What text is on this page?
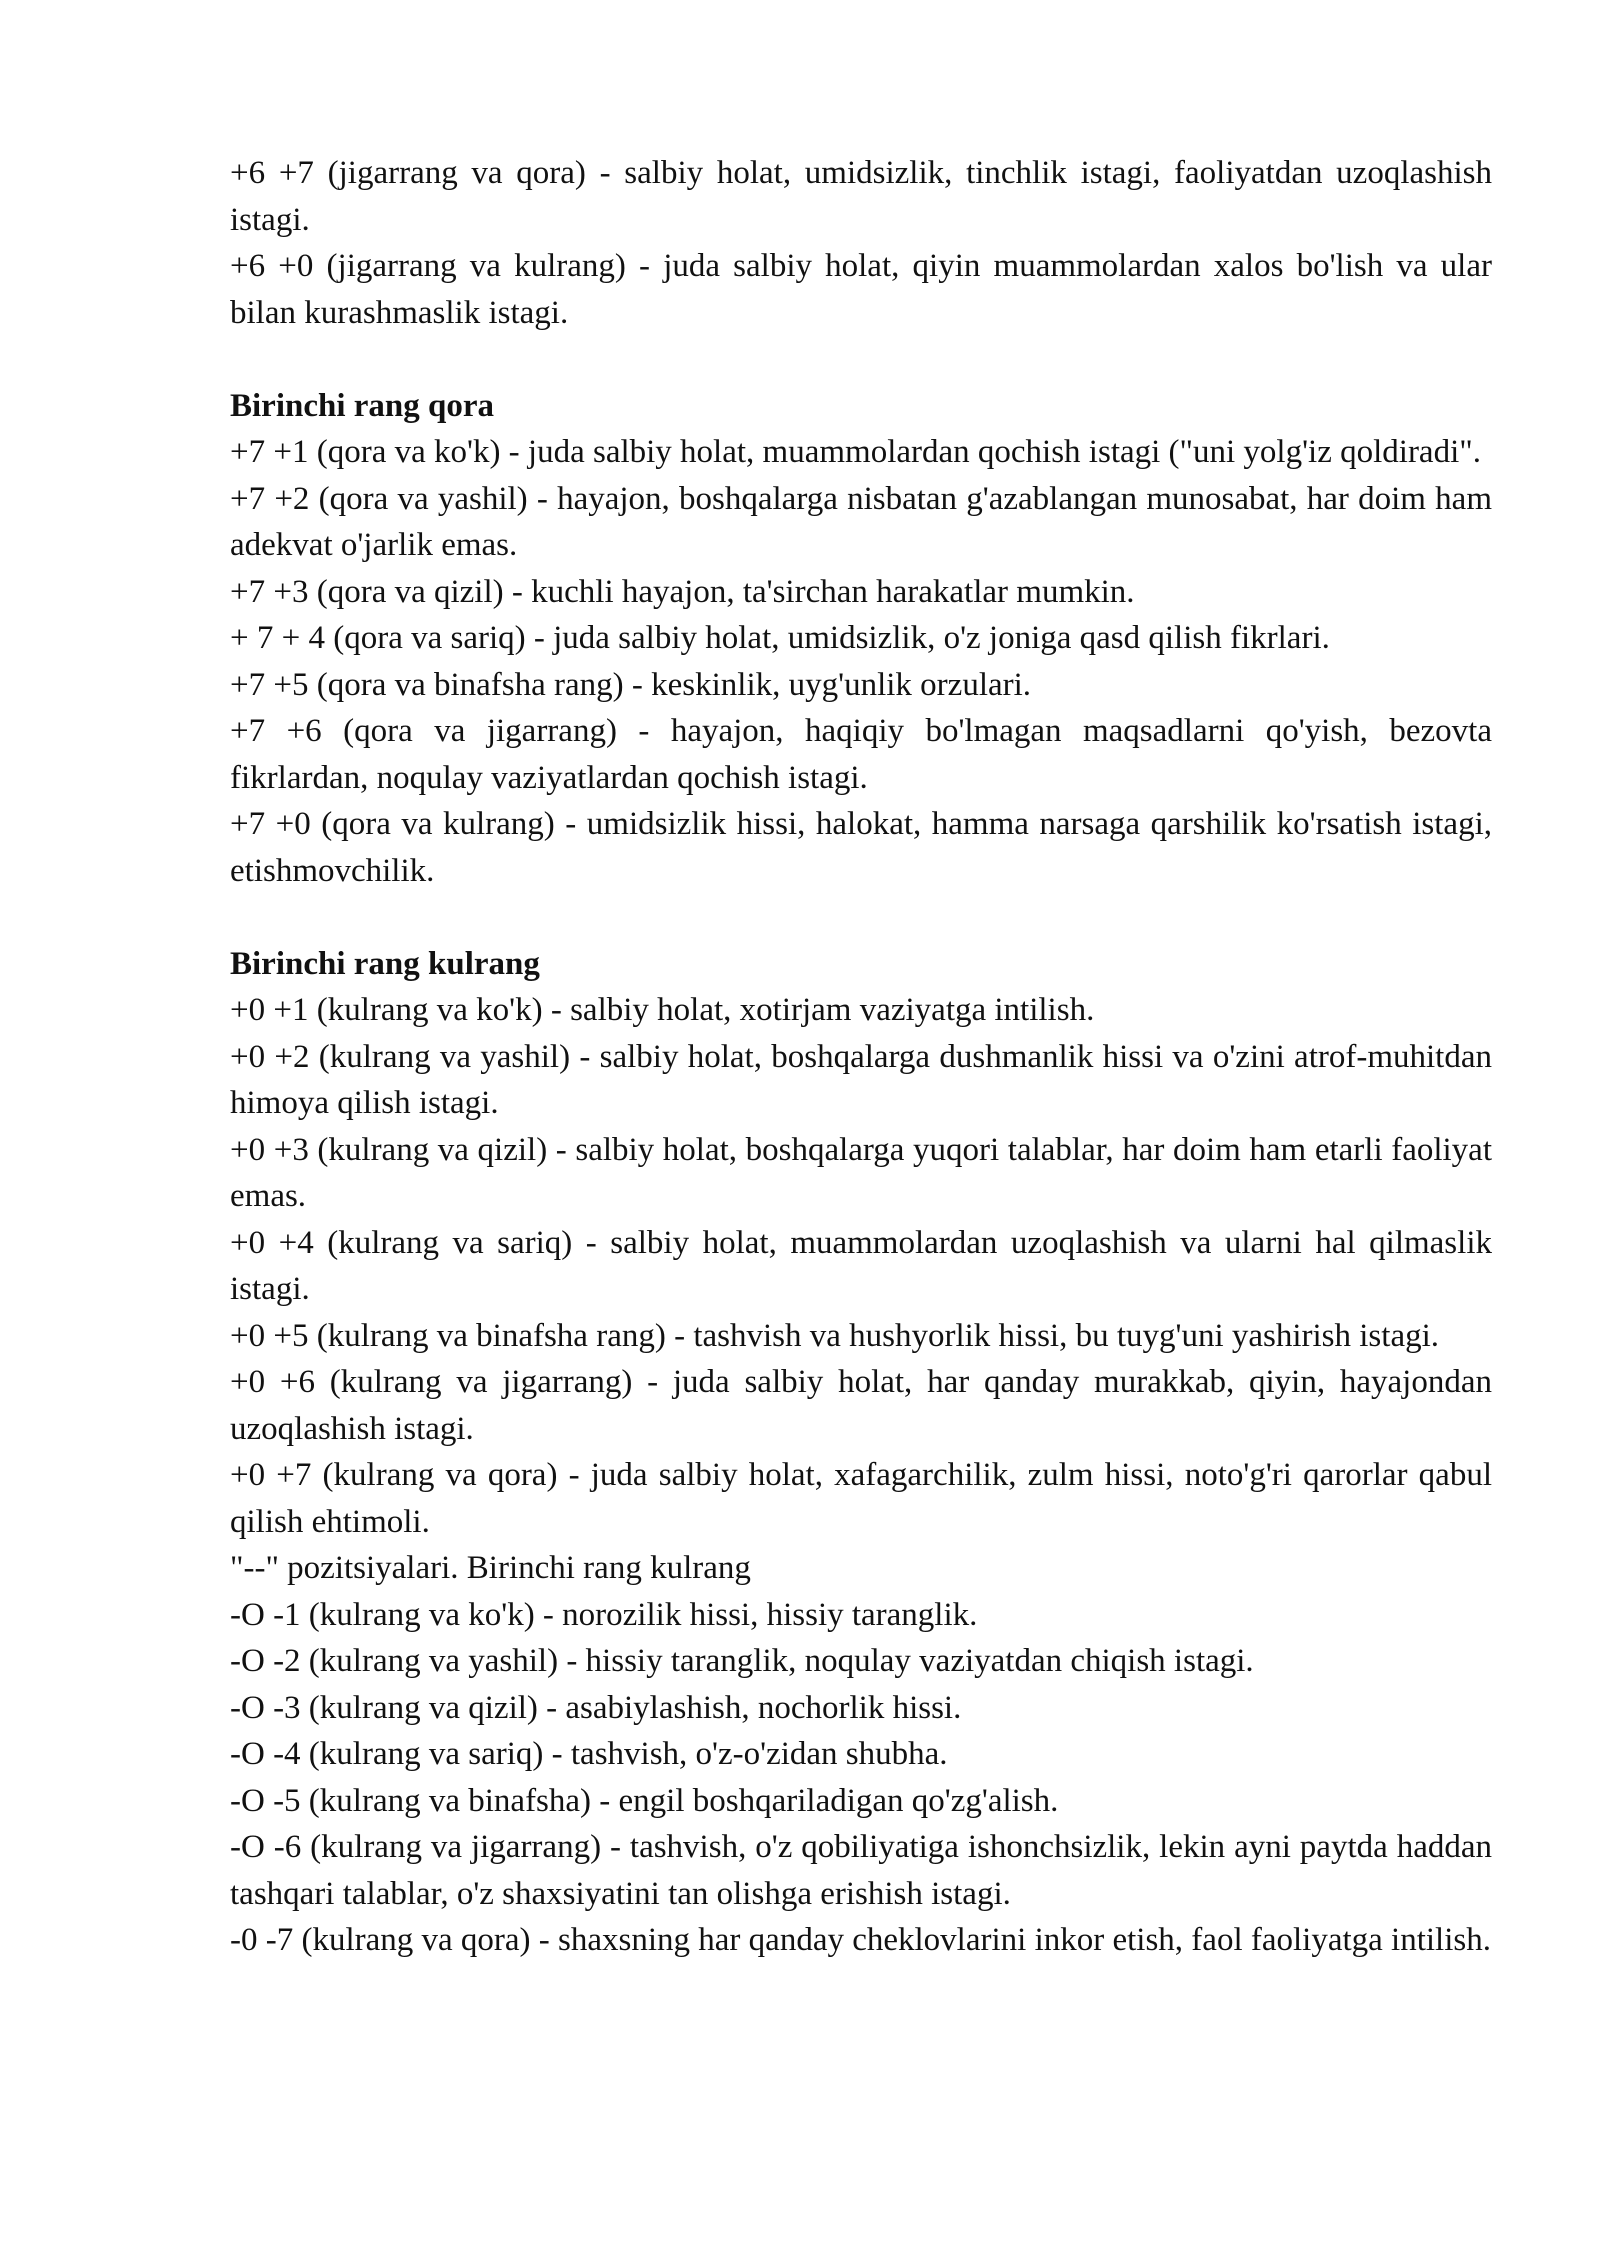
+6 +7 (jigarrang va qora) - salbiy holat, umidsizlik, tinchlik istagi, faoliyatdan uzoqlashish istagi.

+6 +0 (jigarrang va kulrang) - juda salbiy holat, qiyin muammolardan xalos bo'lish va ular bilan kurashmaslik istagi.

Birinchi rang qora

+7 +1 (qora va ko'k) - juda salbiy holat, muammolardan qochish istagi ("uni yolg'iz qoldiradi".

+7 +2 (qora va yashil) - hayajon, boshqalarga nisbatan g'azablangan munosabat, har doim ham adekvat o'jarlik emas.

+7 +3 (qora va qizil) - kuchli hayajon, ta'sirchan harakatlar mumkin.

+ 7 + 4 (qora va sariq) - juda salbiy holat, umidsizlik, o'z joniga qasd qilish fikrlari.

+7 +5 (qora va binafsha rang) - keskinlik, uyg'unlik orzulari.

+7 +6 (qora va jigarrang) - hayajon, haqiqiy bo'lmagan maqsadlarni qo'yish, bezovta fikrlardan, noqulay vaziyatlardan qochish istagi.

+7 +0 (qora va kulrang) - umidsizlik hissi, halokat, hamma narsaga qarshilik ko'rsatish istagi, etishmovchilik.

Birinchi rang kulrang

+0 +1 (kulrang va ko'k) - salbiy holat, xotirjam vaziyatga intilish.

+0 +2 (kulrang va yashil) - salbiy holat, boshqalarga dushmanlik hissi va o'zini atrof-muhitdan himoya qilish istagi.

+0 +3 (kulrang va qizil) - salbiy holat, boshqalarga yuqori talablar, har doim ham etarli faoliyat emas.

+0 +4 (kulrang va sariq) - salbiy holat, muammolardan uzoqlashish va ularni hal qilmaslik istagi.

+0 +5 (kulrang va binafsha rang) - tashvish va hushyorlik hissi, bu tuyg'uni yashirish istagi.

+0 +6 (kulrang va jigarrang) - juda salbiy holat, har qanday murakkab, qiyin, hayajondan uzoqlashish istagi.

+0 +7 (kulrang va qora) - juda salbiy holat, xafagarchilik, zulm hissi, noto'g'ri qarorlar qabul qilish ehtimoli.

"--" pozitsiyalari. Birinchi rang kulrang

-O -1 (kulrang va ko'k) - norozilik hissi, hissiy taranglik.

-O -2 (kulrang va yashil) - hissiy taranglik, noqulay vaziyatdan chiqish istagi.

-O -3 (kulrang va qizil) - asabiylashish, nochorlik hissi.

-O -4 (kulrang va sariq) - tashvish, o'z-o'zidan shubha.

-O -5 (kulrang va binafsha) - engil boshqariladigan qo'zg'alish.

-O -6 (kulrang va jigarrang) - tashvish, o'z qobiliyatiga ishonchsizlik, lekin ayni paytda haddan tashqari talablar, o'z shaxsiyatini tan olishga erishish istagi.

-0 -7 (kulrang va qora) - shaxsning har qanday cheklovlarini inkor etish, faol faoliyatga intilish.
